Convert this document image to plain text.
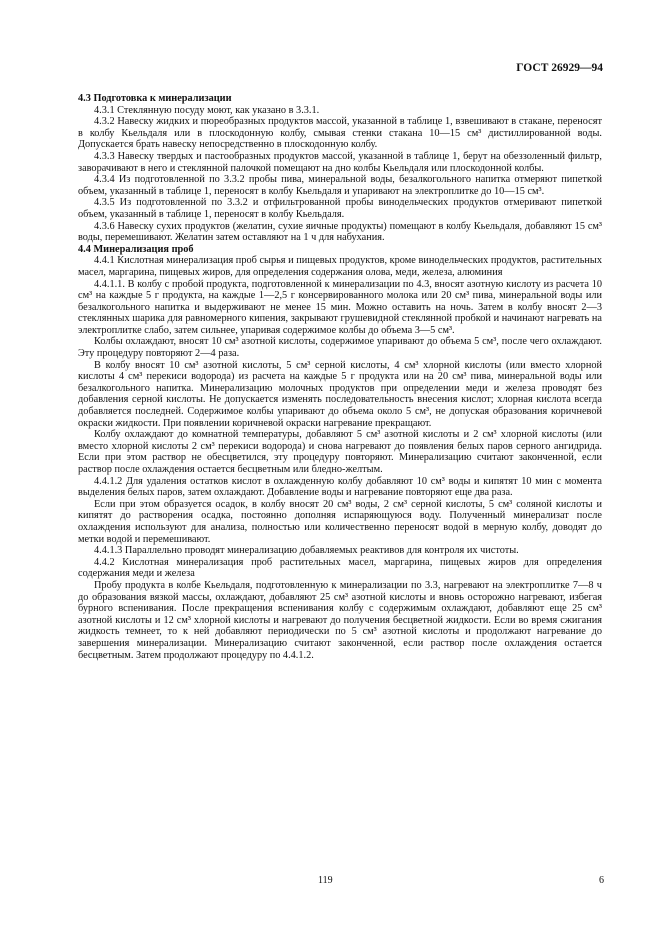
ГОСТ 26929—94

4.3 Подготовка к минерализации

4.3.1 Стеклянную посуду моют, как указано в 3.3.1.

4.3.2 Навеску жидких и пюреобразных продуктов массой, указанной в таблице 1, взвешивают в стакане, переносят в колбу Кьельдаля или в плоскодонную колбу, смывая стенки стакана 10—15 см³ дистиллированной воды. Допускается брать навеску непосредственно в плоскодонную колбу.

4.3.3 Навеску твердых и пастообразных продуктов массой, указанной в таблице 1, берут на обеззоленный фильтр, заворачивают в него и стеклянной палочкой помещают на дно колбы Кьельдаля или плоскодонной колбы.

4.3.4 Из подготовленной по 3.3.2 пробы пива, минеральной воды, безалкогольного напитка отмеряют пипеткой объем, указанный в таблице 1, переносят в колбу Кьельдаля и упаривают на электроплитке до 10—15 см³.

4.3.5 Из подготовленной по 3.3.2 и отфильтрованной пробы винодельческих продуктов отмеривают пипеткой объем, указанный в таблице 1, переносят в колбу Кьельдаля.

4.3.6 Навеску сухих продуктов (желатин, сухие яичные продукты) помещают в колбу Кьельдаля, добавляют 15 см³ воды, перемешивают. Желатин затем оставляют на 1 ч для набухания.

4.4 Минерализация проб

4.4.1 Кислотная минерализация проб сырья и пищевых продуктов, кроме винодельческих продуктов, растительных масел, маргарина, пищевых жиров, для определения содержания олова, меди, железа, алюминия

4.4.1.1. В колбу с пробой продукта, подготовленной к минерализации по 4.3, вносят азотную кислоту из расчета 10 см³ на каждые 5 г продукта, на каждые 1—2,5 г консервированного молока или 20 см³ пива, минеральной воды или безалкогольного напитка и выдерживают не менее 15 мин. Можно оставить на ночь. Затем в колбу вносят 2—3 стеклянных шарика для равномерного кипения, закрывают грушевидной стеклянной пробкой и начинают нагревать на электроплитке слабо, затем сильнее, упаривая содержимое колбы до объема 3—5 см³.

Колбы охлаждают, вносят 10 см³ азотной кислоты, содержимое упаривают до объема 5 см³, после чего охлаждают. Эту процедуру повторяют 2—4 раза.

В колбу вносят 10 см³ азотной кислоты, 5 см³ серной кислоты, 4 см³ хлорной кислоты (или вместо хлорной кислоты 4 см³ перекиси водорода) из расчета на каждые 5 г продукта или на 20 см³ пива, минеральной воды или безалкогольного напитка. Минерализацию молочных продуктов при определении меди и железа проводят без добавления серной кислоты. Не допускается изменять последовательность внесения кислот; хлорная кислота всегда добавляется последней. Содержимое колбы упаривают до объема около 5 см³, не допуская образования коричневой окраски жидкости. При появлении коричневой окраски нагревание прекращают.

Колбу охлаждают до комнатной температуры, добавляют 5 см³ азотной кислоты и 2 см³ хлорной кислоты (или вместо хлорной кислоты 2 см³ перекиси водорода) и снова нагревают до появления белых паров серного ангидрида. Если при этом раствор не обесцветился, эту процедуру повторяют. Минерализацию считают законченной, если раствор после охлаждения остается бесцветным или бледно-желтым.

4.4.1.2 Для удаления остатков кислот в охлажденную колбу добавляют 10 см³ воды и кипятят 10 мин с момента выделения белых паров, затем охлаждают. Добавление воды и нагревание повторяют еще два раза.

Если при этом образуется осадок, в колбу вносят 20 см³ воды, 2 см³ серной кислоты, 5 см³ соляной кислоты и кипятят до растворения осадка, постоянно дополняя испаряющуюся воду. Полученный минерализат после охлаждения используют для анализа, полностью или количественно переносят водой в мерную колбу, доводят до метки водой и перемешивают.

4.4.1.3 Параллельно проводят минерализацию добавляемых реактивов для контроля их чистоты.

4.4.2 Кислотная минерализация проб растительных масел, маргарина, пищевых жиров для определения содержания меди и железа

Пробу продукта в колбе Кьельдаля, подготовленную к минерализации по 3.3, нагревают на электроплитке 7—8 ч до образования вязкой массы, охлаждают, добавляют 25 см³ азотной кислоты и вновь осторожно нагревают, избегая бурного вспенивания. После прекращения вспенивания колбу с содержимым охлаждают, добавляют еще 25 см³ азотной кислоты и 12 см³ хлорной кислоты и нагревают до получения бесцветной жидкости. Если во время сжигания жидкость темнеет, то к ней добавляют периодически по 5 см³ азотной кислоты и продолжают нагревание до завершения минерализации. Минерализацию считают законченной, если раствор после охлаждения остается бесцветным. Затем продолжают процедуру по 4.4.1.2.

119	6
